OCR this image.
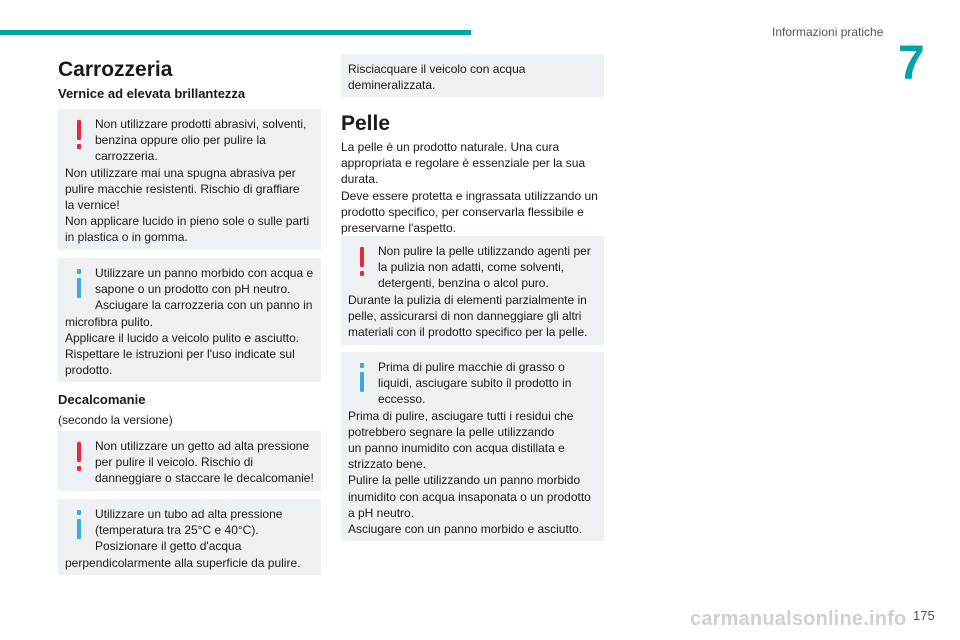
Informazioni pratiche
7
Carrozzeria
Vernice ad elevata brillantezza
Non utilizzare prodotti abrasivi, solventi,
benzina oppure olio per pulire la
carrozzeria.
Non utilizzare mai una spugna abrasiva per
pulire macchie resistenti. Rischio di graffiare
la vernice!
Non applicare lucido in pieno sole o sulle parti
in plastica o in gomma.
Utilizzare un panno morbido con acqua e
sapone o un prodotto con pH neutro.
Asciugare la carrozzeria con un panno in
microfibra pulito.
Applicare il lucido a veicolo pulito e asciutto.
Rispettare le istruzioni per l'uso indicate sul
prodotto.
Decalcomanie

(secondo la versione)

Non utilizzare un getto ad alta pressione
per pulire il veicolo. Rischio di
danneggiare o staccare le decalcomanie!
Utilizzare un tubo ad alta pressione
(temperatura tra 25°C e 40°C).
Posizionare il getto d'acqua
perpendicolarmente alla superficie da pulire.
Risciacquare il veicolo con acqua
demineralizzata.
Pelle

La pelle è un prodotto naturale. Una cura
appropriata e regolare è essenziale per la sua
durata.
Deve essere protetta e ingrassata utilizzando un
prodotto specifico, per conservarla flessibile e
preservarne l'aspetto.

Non pulire la pelle utilizzando agenti per
la pulizia non adatti, come solventi,
detergenti, benzina o alcol puro.
Durante la pulizia di elementi parzialmente in
pelle, assicurarsi di non danneggiare gli altri
materiali con il prodotto specifico per la pelle.
Prima di pulire macchie di grasso o
liquidi, asciugare subito il prodotto in
eccesso.
Prima di pulire, asciugare tutti i residui che
potrebbero segnare la pelle utilizzando
un panno inumidito con acqua distillata e
strizzato bene.
Pulire la pelle utilizzando un panno morbido
inumidito con acqua insaponata o un prodotto
a pH neutro.
Asciugare con un panno morbido e asciutto.
carmanualsonline.info 175
